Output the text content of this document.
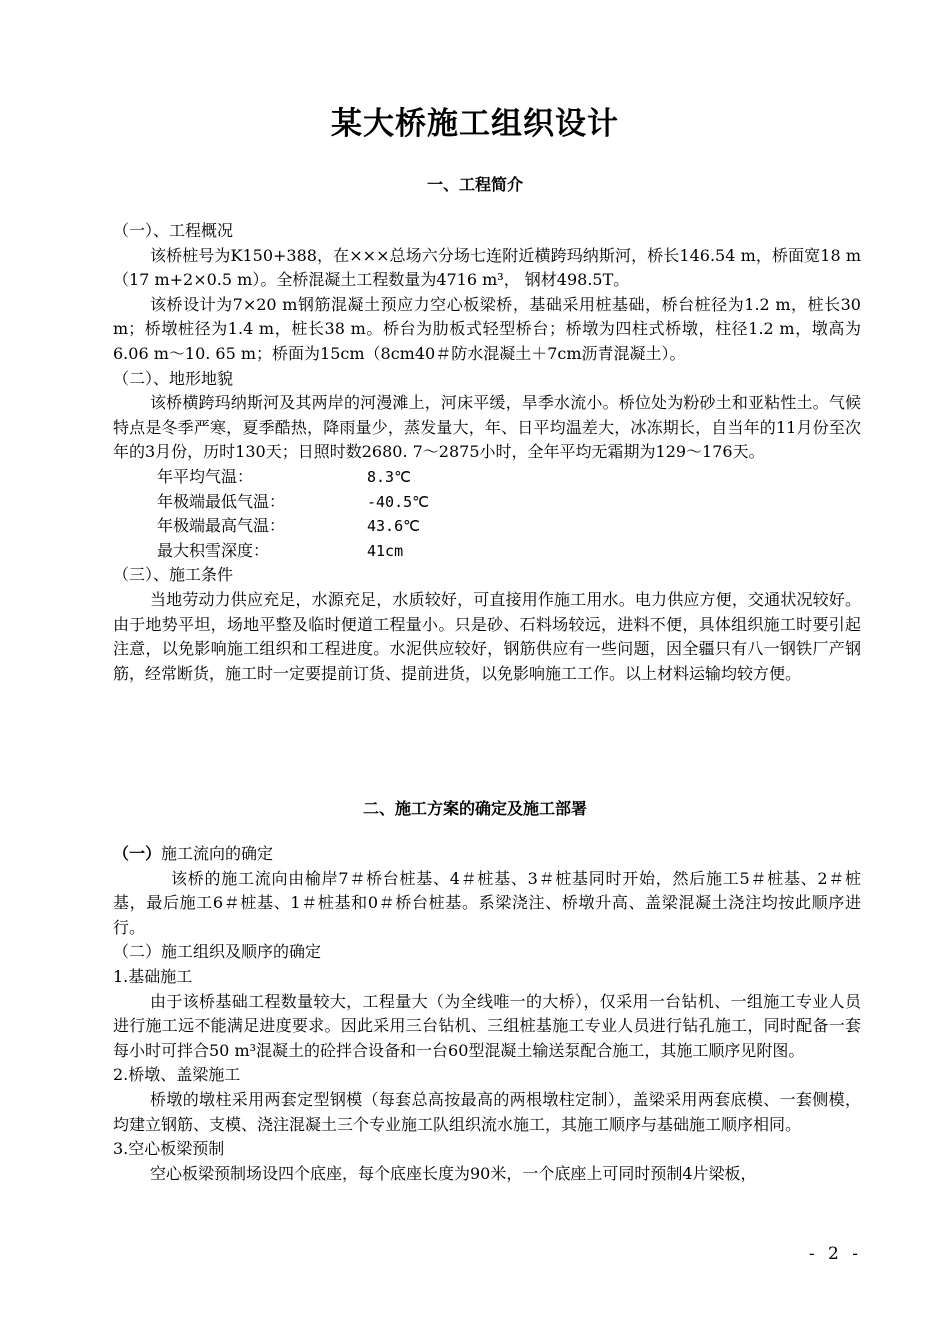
某大桥施工组织设计
一、工程简介

（一）、工程概况

该桥桩号为K150+388，在×××总场六分场七连附近横跨玛纳斯河，桥长146.54 m，桥面宽18 m（17 m+2×0.5 m）。全桥混凝土工程数量为4716 m³， 钢材498.5T。

该桥设计为7×20 m钢筋混凝土预应力空心板梁桥，基础采用桩基础，桥台桩径为1.2 m，桩长30 m；桥墩桩径为1.4 m，桩长38 m。桥台为肋板式轻型桥台；桥墩为四柱式桥墩，柱径1.2 m，墩高为6.06 m～10. 65 m；桥面为15cm（8cm40＃防水混凝土＋7cm沥青混凝土）。

（二）、地形地貌

该桥横跨玛纳斯河及其两岸的河漫滩上，河床平缓，旱季水流小。桥位处为粉砂土和亚粘性土。气候特点是冬季严寒，夏季酷热，降雨量少，蒸发量大，年、日平均温差大，冰冻期长，自当年的11月份至次年的3月份，历时130天；日照时数2680. 7～2875小时，全年平均无霜期为129～176天。

年平均气温：	8.3℃
年极端最低气温：	-40.5℃
年极端最高气温：	43.6℃
最大积雪深度：	41cm

（三）、施工条件

当地劳动力供应充足，水源充足，水质较好，可直接用作施工用水。电力供应方便，交通状况较好。由于地势平坦，场地平整及临时便道工程量小。只是砂、石料场较远，进料不便，具体组织施工时要引起注意，以免影响施工组织和工程进度。水泥供应较好，钢筋供应有一些问题，因全疆只有八一钢铁厂产钢筋，经常断货，施工时一定要提前订货、提前进货，以免影响施工工作。以上材料运输均较方便。

二、施工方案的确定及施工部署

（一）施工流向的确定

该桥的施工流向由榆岸7＃桥台桩基、4＃桩基、3＃桩基同时开始，然后施工5＃桩基、2＃桩基，最后施工6＃桩基、1＃桩基和0＃桥台桩基。系梁浇注、桥墩升高、盖梁混凝土浇注均按此顺序进行。

（二）施工组织及顺序的确定

1.基础施工

由于该桥基础工程数量较大，工程量大（为全线唯一的大桥），仅采用一台钻机、一组施工专业人员进行施工远不能满足进度要求。因此采用三台钻机、三组桩基施工专业人员进行钻孔施工，同时配备一套每小时可拌合50 m³混凝土的砼拌合设备和一台60型混凝土输送泵配合施工，其施工顺序见附图。

2.桥墩、盖梁施工

桥墩的墩柱采用两套定型钢模（每套总高按最高的两根墩柱定制），盖梁采用两套底模、一套侧模，均建立钢筋、支模、浇注混凝土三个专业施工队组织流水施工，其施工顺序与基础施工顺序相同。

3.空心板梁预制

空心板梁预制场设四个底座，每个底座长度为90米，一个底座上可同时预制4片梁板，

- 2 -
